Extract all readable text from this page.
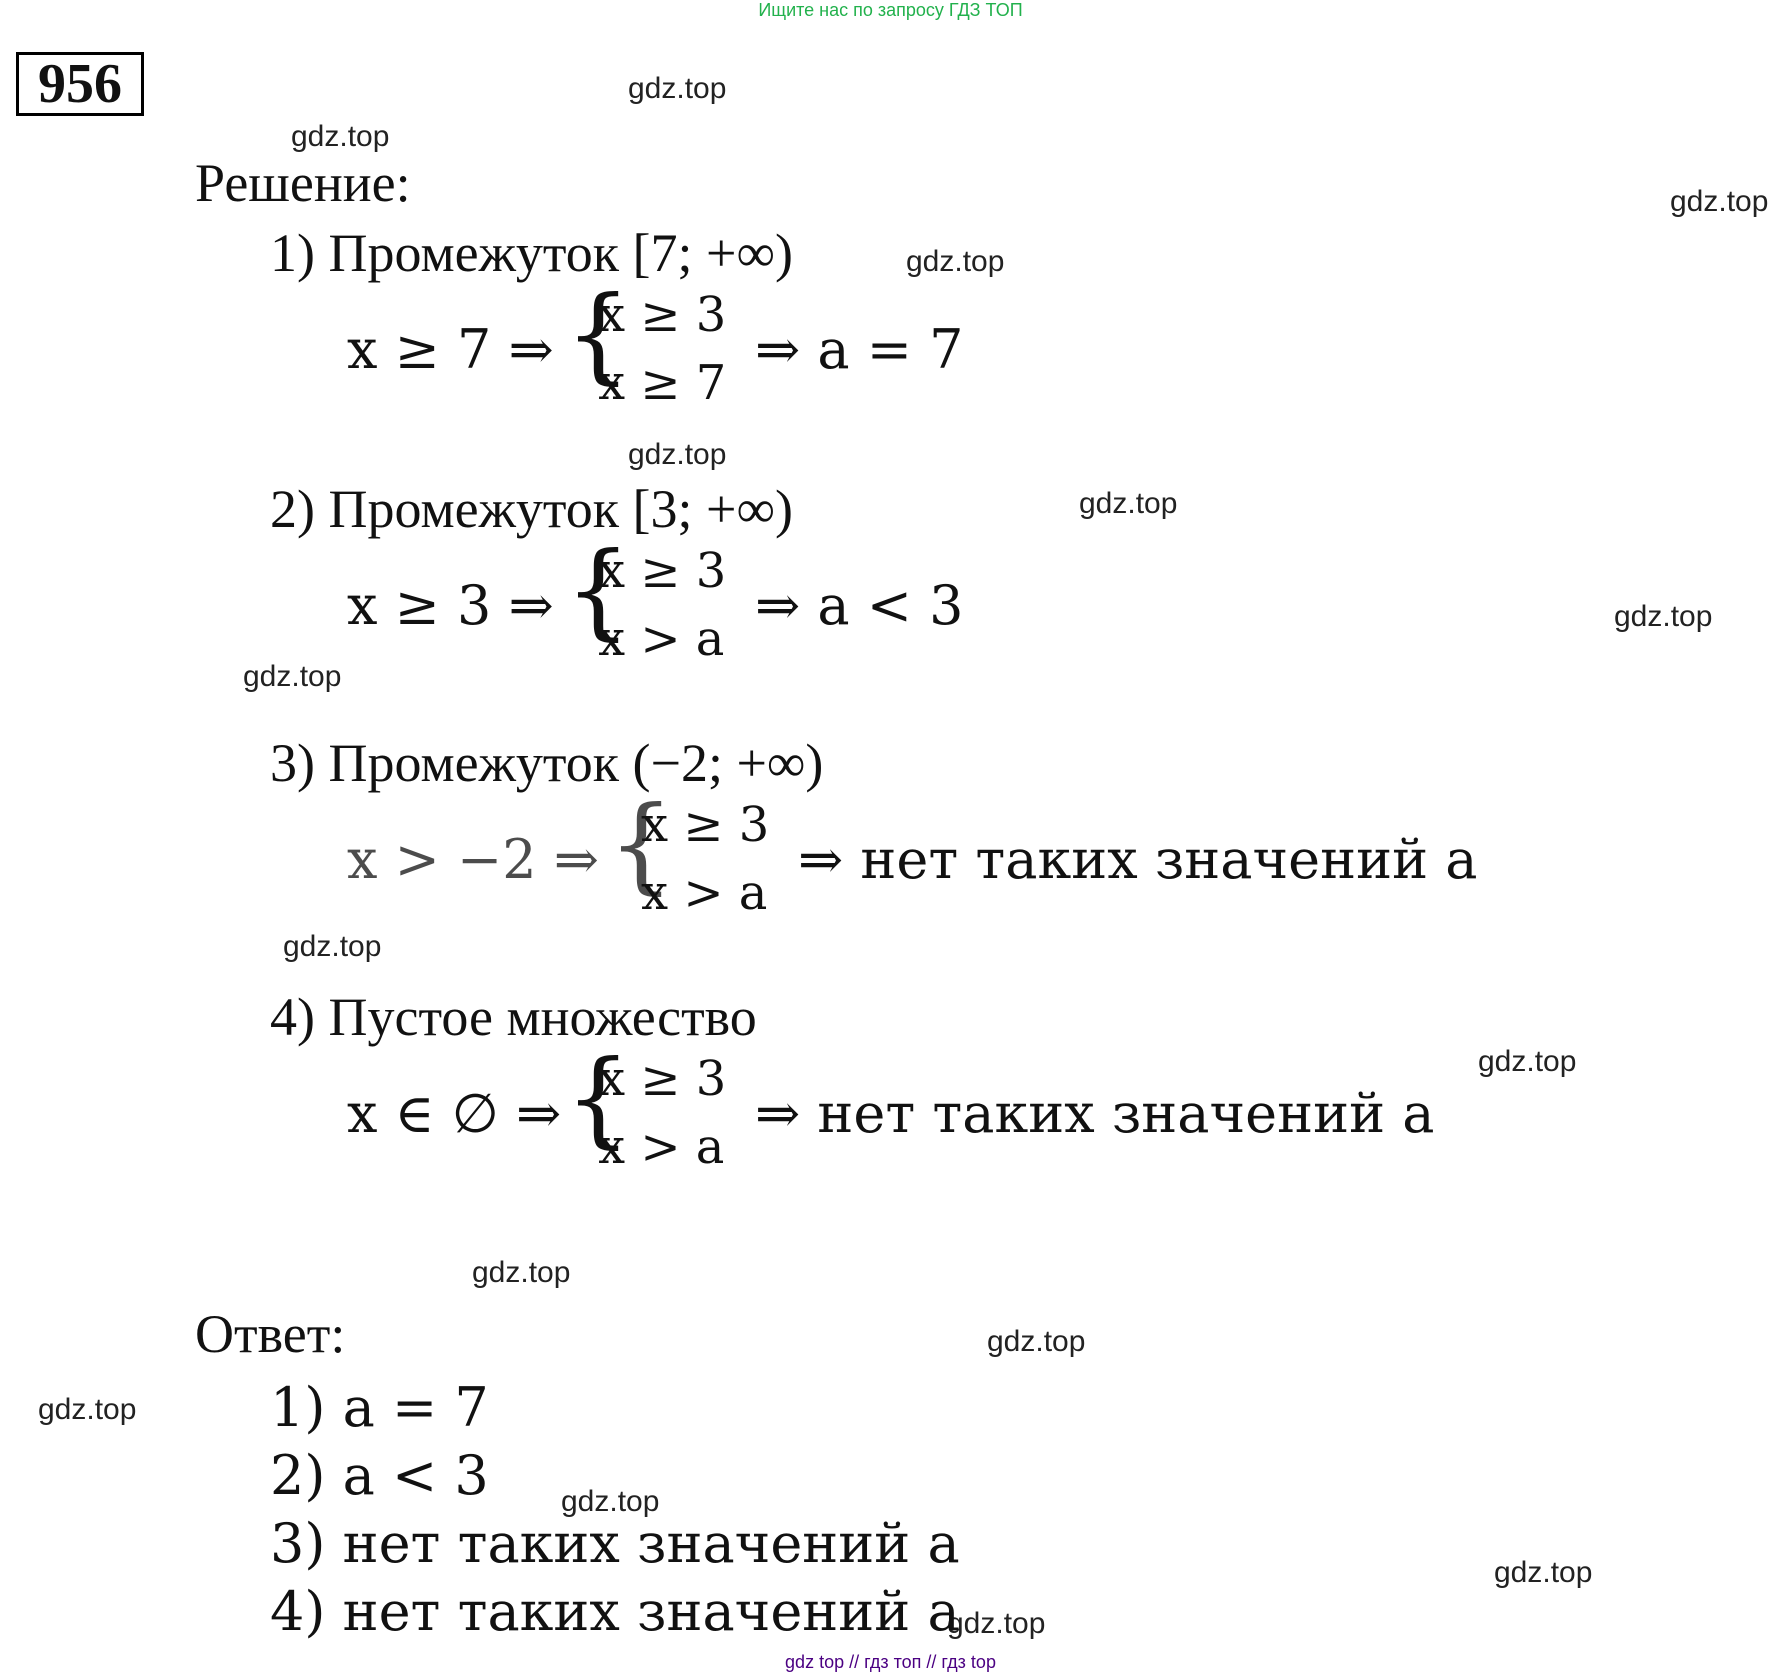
Ищите нас по запросу ГДЗ ТОП
956	gdz.top
gdz.top
gdz.top
gdz.top
gdz.top
gdz.top
gdz.top
gdz.top
gdz.top
gdz.top
gdz.top
gdz.top
gdz.top
gdz.top
gdz.top
gdz.top
Решение:
1) Промежуток [7; +∞)
x ≥ 7 ⇒ {
x ≥ 3
x ≥ 7
⇒ a = 7
2) Промежуток [3; +∞)
x ≥ 3 ⇒ {
x ≥ 3
x > a
⇒ a < 3
3) Промежуток (−2; +∞)
x > −2 ⇒ {
x ≥ 3
x > a
⇒ нет таких значений a
4) Пустое множество
x ∈ ∅ ⇒ {
x ≥ 3
x > a
⇒ нет таких значений a
Ответ:
1) a = 7
2) a < 3
3) нет таких значений a
4) нет таких значений a
gdz top // гдз топ // гдз top
